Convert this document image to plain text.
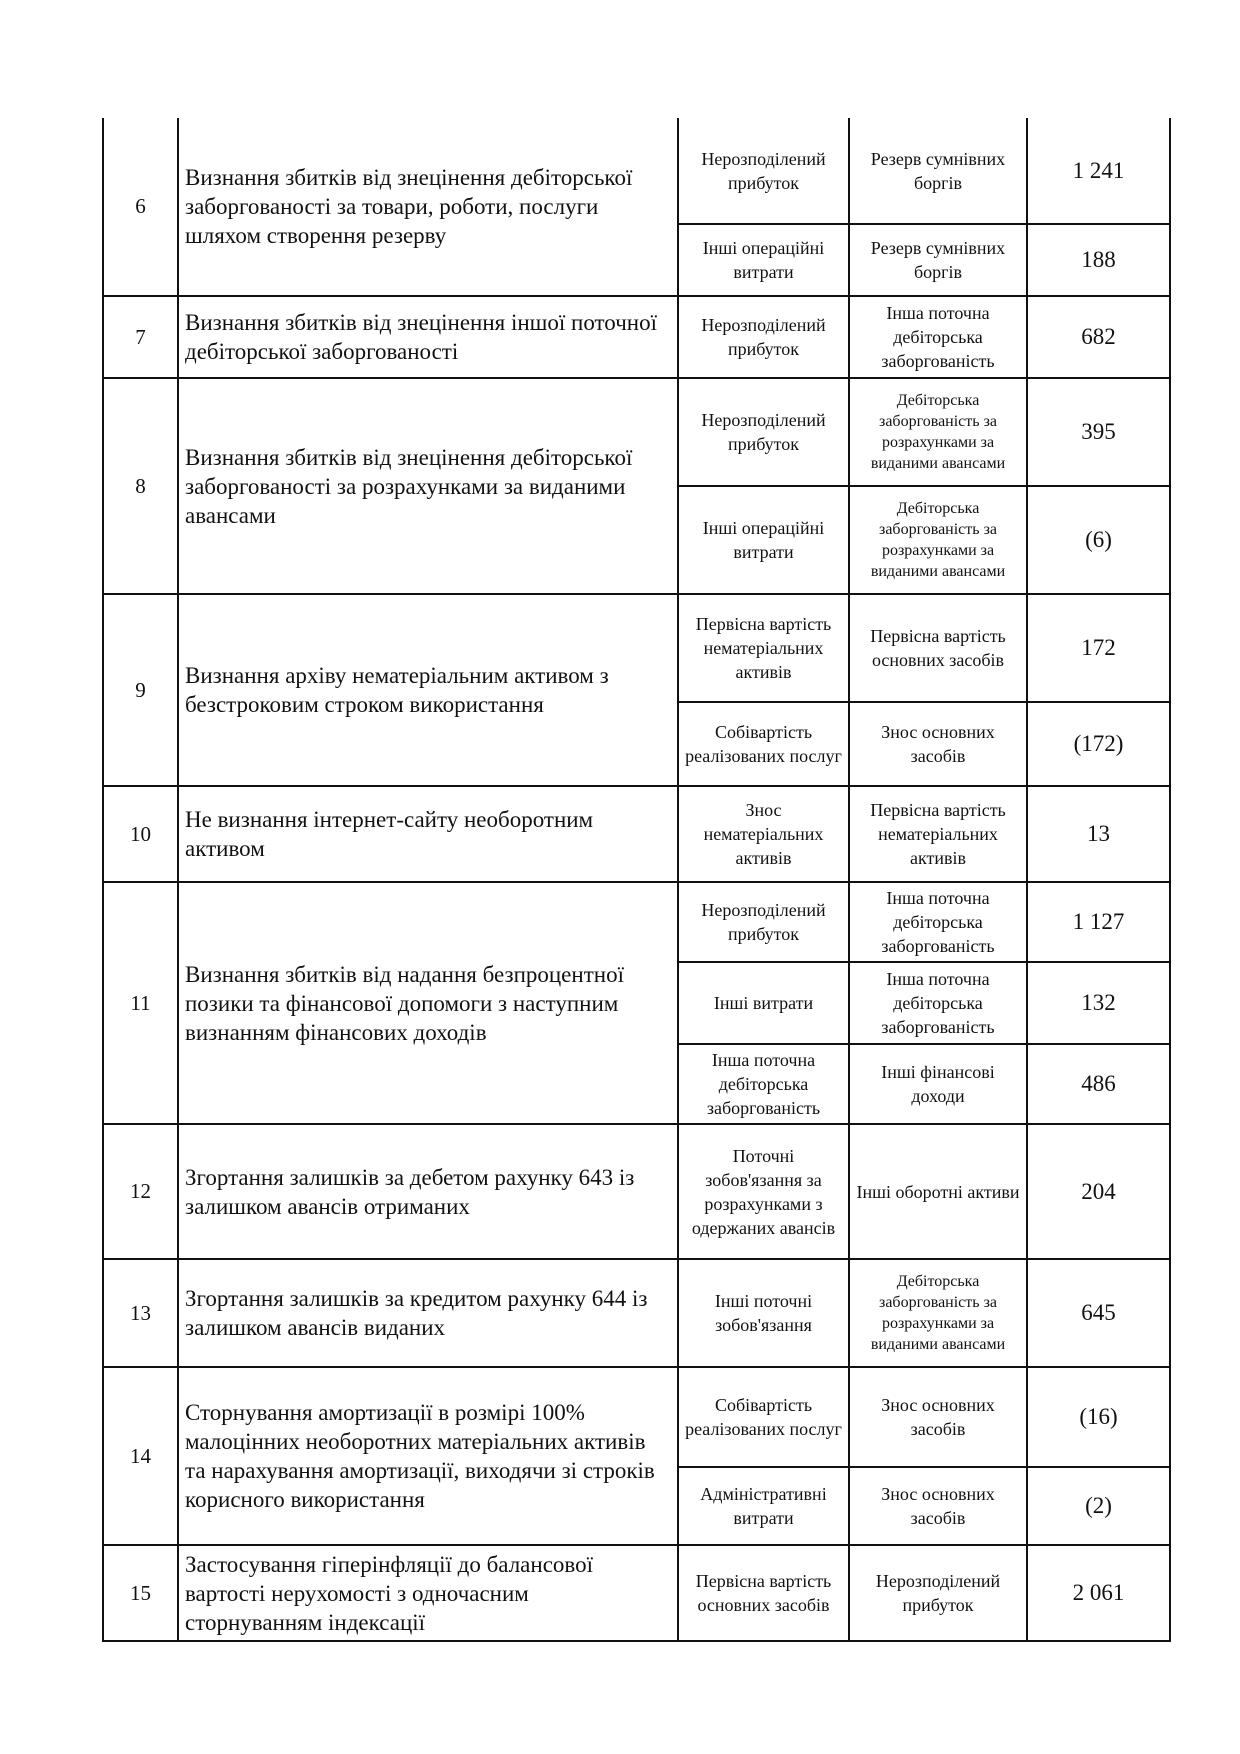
6	Визнання збитків від знецінення дебіторської заборгованості за товари, роботи, послуги шляхом створення резерву	Нерозподілений прибуток	Резерв сумнівних боргів	1 241
		Інші операційні витрати	Резерв сумнівних боргів	188
7	Визнання збитків від знецінення іншої поточної дебіторської заборгованості	Нерозподілений прибуток	Інша поточна дебіторська заборгованість	682
8	Визнання збитків від знецінення дебіторської заборгованості за розрахунками за виданими авансами	Нерозподілений прибуток	Дебіторська заборгованість за розрахунками за виданими авансами	395
		Інші операційні витрати	Дебіторська заборгованість за розрахунками за виданими авансами	(6)
9	Визнання архіву нематеріальним активом з безстроковим строком використання	Первісна вартість нематеріальних активів	Первісна вартість основних засобів	172
		Собівартість реалізованих послуг	Знос основних засобів	(172)
10	Не визнання інтернет-сайту необоротним активом	Знос нематеріальних активів	Первісна вартість нематеріальних активів	13
11	Визнання збитків від надання безпроцентної позики та фінансової допомоги з наступним визнанням фінансових доходів	Нерозподілений прибуток	Інша поточна дебіторська заборгованість	1 127
		Інші витрати	Інша поточна дебіторська заборгованість	132
		Інша поточна дебіторська заборгованість	Інші фінансові доходи	486
12	Згортання залишків за дебетом рахунку 643 із залишком авансів отриманих	Поточні зобов'язання за розрахунками з одержаних авансів	Інші оборотні активи	204
13	Згортання залишків за кредитом рахунку 644 із залишком авансів виданих	Інші поточні зобов'язання	Дебіторська заборгованість за розрахунками за виданими авансами	645
14	Сторнування амортизації в розмірі 100% малоцінних необоротних матеріальних активів та нарахування амортизації, виходячи зі строків корисного використання	Собівартість реалізованих послуг	Знос основних засобів	(16)
		Адміністративні витрати	Знос основних засобів	(2)
15	Застосування гіперінфляції до балансової вартості нерухомості з одночасним сторнуванням індексації	Первісна вартість основних засобів	Нерозподілений прибуток	2 061
